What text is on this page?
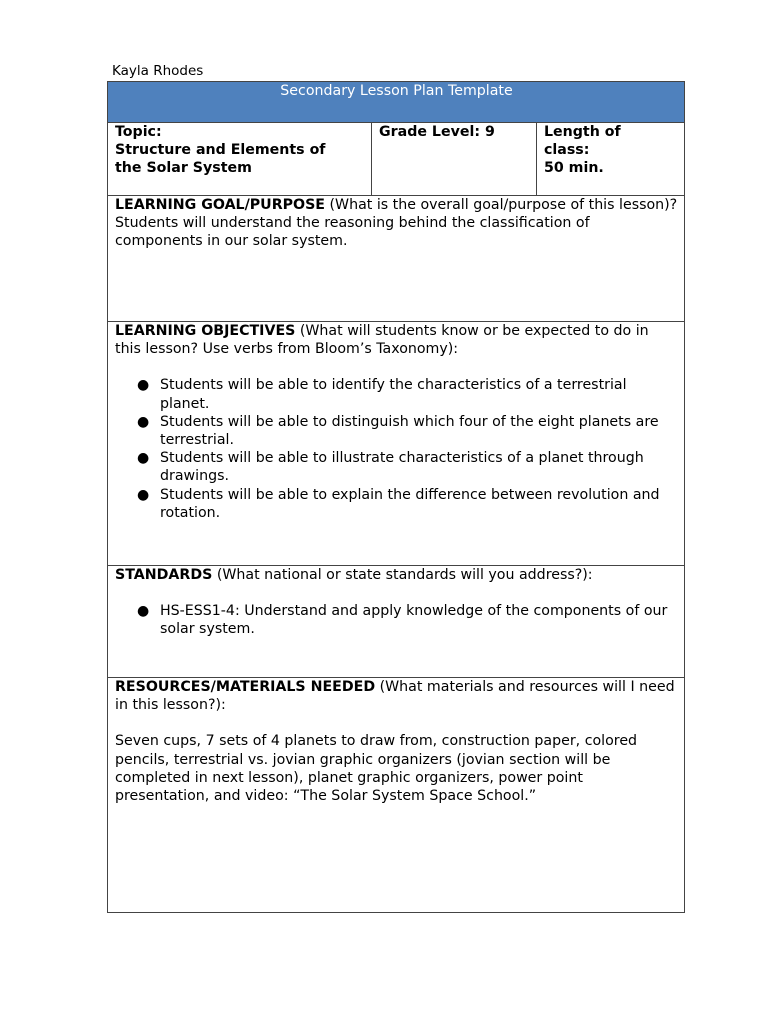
Kayla Rhodes
Secondary Lesson Plan Template

Topic:
Structure and Elements of
the Solar System

Grade Level: 9	Length of
class:
50 min.

LEARNING GOAL/PURPOSE (What is the overall goal/purpose of this lesson)?
Students will understand the reasoning behind the classification of components in our solar system.

LEARNING OBJECTIVES (What will students know or be expected to do in this lesson? Use verbs from Bloom’s Taxonomy):
● Students will be able to identify the characteristics of a terrestrial planet.
● Students will be able to distinguish which four of the eight planets are terrestrial.
● Students will be able to illustrate characteristics of a planet through drawings.
● Students will be able to explain the difference between revolution and rotation.

STANDARDS (What national or state standards will you address?):
● HS-ESS1-4: Understand and apply knowledge of the components of our solar system.

RESOURCES/MATERIALS NEEDED (What materials and resources will I need in this lesson?):
Seven cups, 7 sets of 4 planets to draw from, construction paper, colored pencils, terrestrial vs. jovian graphic organizers (jovian section will be completed in next lesson), planet graphic organizers, power point presentation, and video: “The Solar System Space School.”
